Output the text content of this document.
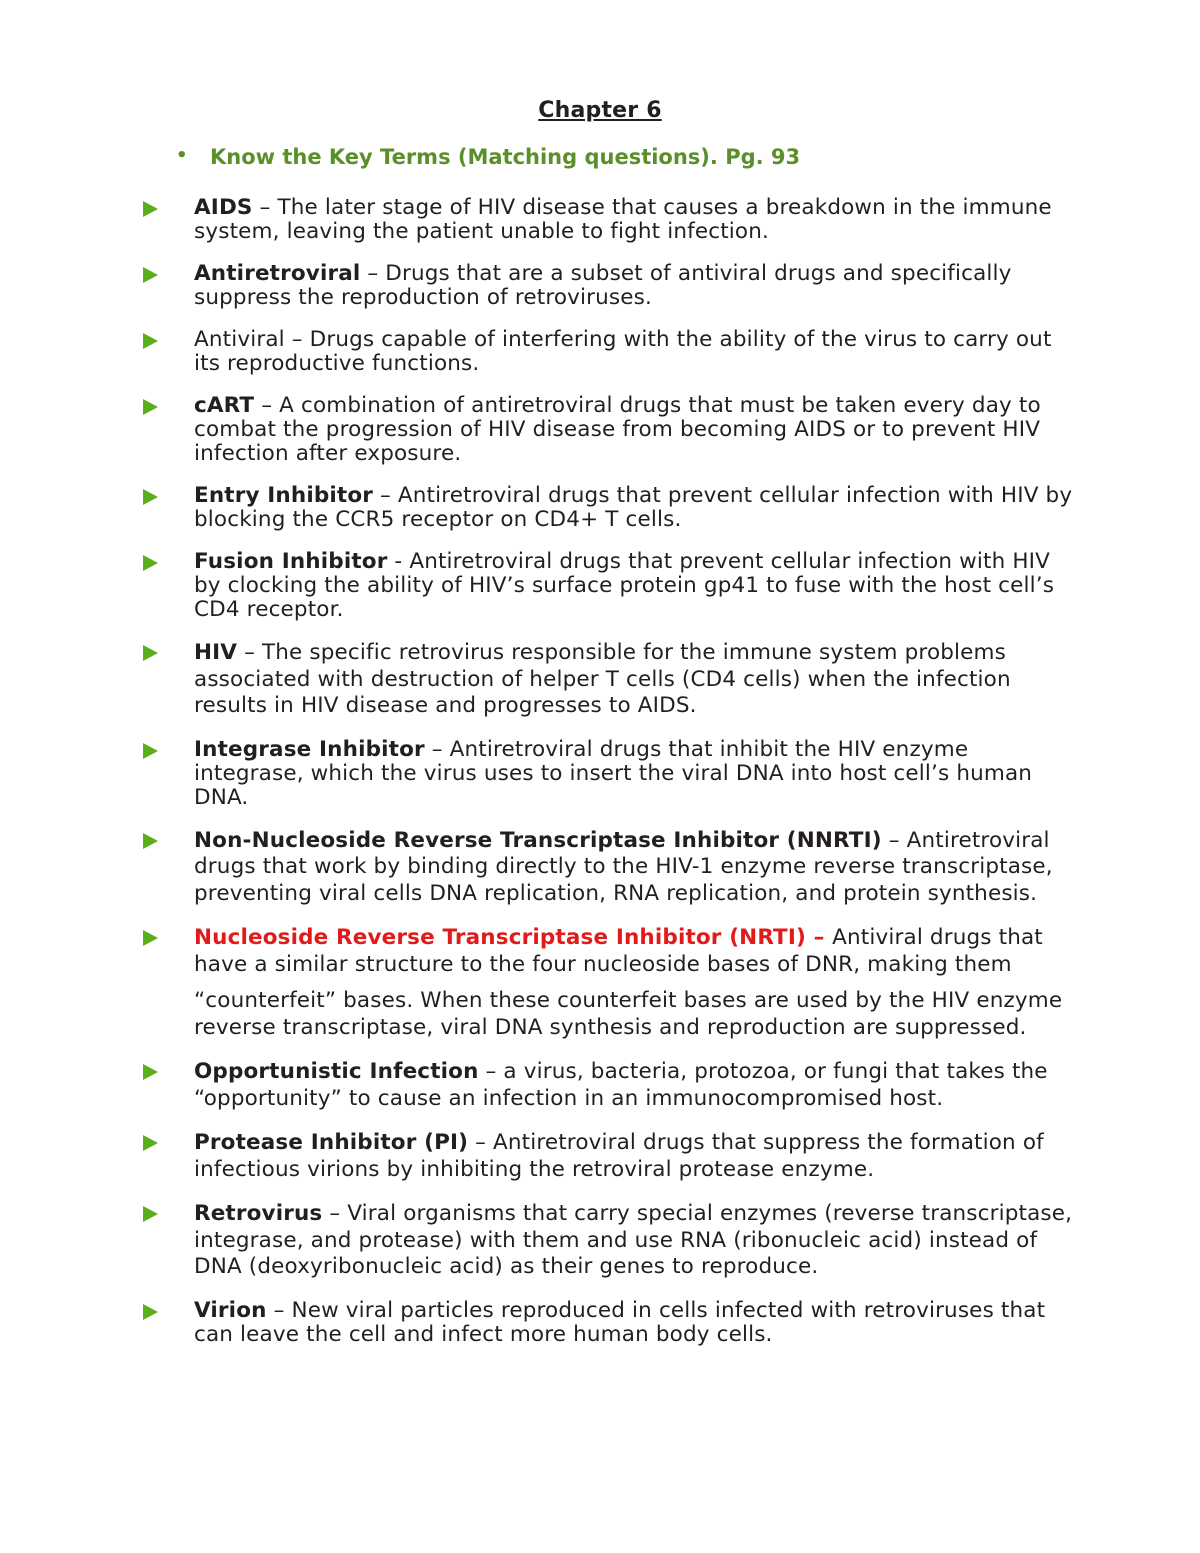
Chapter 6
• Know the Key Terms (Matching questions). Pg. 93
AIDS – The later stage of HIV disease that causes a breakdown in the immune system, leaving the patient unable to fight infection.
Antiretroviral – Drugs that are a subset of antiviral drugs and specifically suppress the reproduction of retroviruses.
Antiviral – Drugs capable of interfering with the ability of the virus to carry out its reproductive functions.
cART – A combination of antiretroviral drugs that must be taken every day to combat the progression of HIV disease from becoming AIDS or to prevent HIV infection after exposure.
Entry Inhibitor – Antiretroviral drugs that prevent cellular infection with HIV by blocking the CCR5 receptor on CD4+ T cells.
Fusion Inhibitor - Antiretroviral drugs that prevent cellular infection with HIV by clocking the ability of HIV’s surface protein gp41 to fuse with the host cell’s CD4 receptor.
HIV – The specific retrovirus responsible for the immune system problems associated with destruction of helper T cells (CD4 cells) when the infection results in HIV disease and progresses to AIDS.
Integrase Inhibitor – Antiretroviral drugs that inhibit the HIV enzyme integrase, which the virus uses to insert the viral DNA into host cell’s human DNA.
Non-Nucleoside Reverse Transcriptase Inhibitor (NNRTI) – Antiretroviral drugs that work by binding directly to the HIV-1 enzyme reverse transcriptase, preventing viral cells DNA replication, RNA replication, and protein synthesis.
Nucleoside Reverse Transcriptase Inhibitor (NRTI) – Antiviral drugs that have a similar structure to the four nucleoside bases of DNR, making them
“counterfeit” bases. When these counterfeit bases are used by the HIV enzyme reverse transcriptase, viral DNA synthesis and reproduction are suppressed.
Opportunistic Infection – a virus, bacteria, protozoa, or fungi that takes the “opportunity” to cause an infection in an immunocompromised host.
Protease Inhibitor (PI) – Antiretroviral drugs that suppress the formation of infectious virions by inhibiting the retroviral protease enzyme.
Retrovirus – Viral organisms that carry special enzymes (reverse transcriptase, integrase, and protease) with them and use RNA (ribonucleic acid) instead of DNA (deoxyribonucleic acid) as their genes to reproduce.
Virion – New viral particles reproduced in cells infected with retroviruses that can leave the cell and infect more human body cells.
